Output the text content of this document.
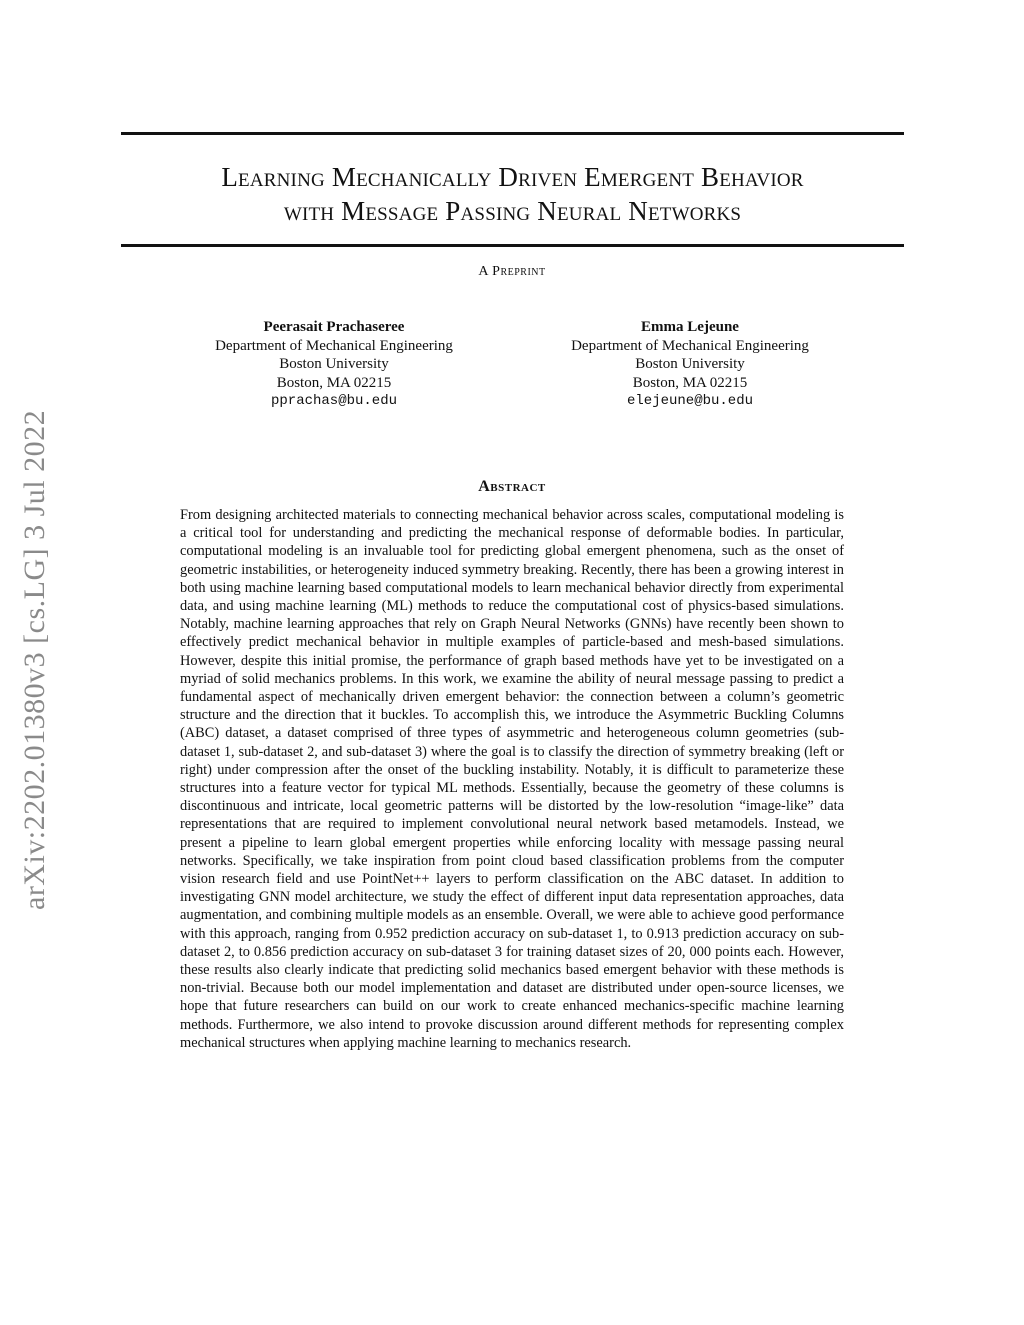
arXiv:2202.01380v3 [cs.LG] 3 Jul 2022
Learning Mechanically Driven Emergent Behavior
with Message Passing Neural Networks
A Preprint
Peerasait Prachaseree
Department of Mechanical Engineering
Boston University
Boston, MA 02215
pprachas@bu.edu
Emma Lejeune
Department of Mechanical Engineering
Boston University
Boston, MA 02215
elejeune@bu.edu
Abstract
From designing architected materials to connecting mechanical behavior across scales, computational modeling is a critical tool for understanding and predicting the mechanical response of deformable bodies. In particular, computational modeling is an invaluable tool for predicting global emergent phenomena, such as the onset of geometric instabilities, or heterogeneity induced symmetry breaking. Recently, there has been a growing interest in both using machine learning based computational models to learn mechanical behavior directly from experimental data, and using machine learning (ML) methods to reduce the computational cost of physics-based simulations. Notably, machine learning approaches that rely on Graph Neural Networks (GNNs) have recently been shown to effectively predict mechanical behavior in multiple examples of particle-based and mesh-based simulations. However, despite this initial promise, the performance of graph based methods have yet to be investigated on a myriad of solid mechanics problems. In this work, we examine the ability of neural message passing to predict a fundamental aspect of mechanically driven emergent behavior: the connection between a column’s geometric structure and the direction that it buckles. To accomplish this, we introduce the Asymmetric Buckling Columns (ABC) dataset, a dataset comprised of three types of asymmetric and heterogeneous column geometries (sub-dataset 1, sub-dataset 2, and sub-dataset 3) where the goal is to classify the direction of symmetry breaking (left or right) under compression after the onset of the buckling instability. Notably, it is difficult to parameterize these structures into a feature vector for typical ML methods. Essentially, because the geometry of these columns is discontinuous and intricate, local geometric patterns will be distorted by the low-resolution “image-like” data representations that are required to implement convolutional neural network based metamodels. Instead, we present a pipeline to learn global emergent properties while enforcing locality with message passing neural networks. Specifically, we take inspiration from point cloud based classification problems from the computer vision research field and use PointNet++ layers to perform classification on the ABC dataset. In addition to investigating GNN model architecture, we study the effect of different input data representation approaches, data augmentation, and combining multiple models as an ensemble. Overall, we were able to achieve good performance with this approach, ranging from 0.952 prediction accuracy on sub-dataset 1, to 0.913 prediction accuracy on sub-dataset 2, to 0.856 prediction accuracy on sub-dataset 3 for training dataset sizes of 20, 000 points each. However, these results also clearly indicate that predicting solid mechanics based emergent behavior with these methods is non-trivial. Because both our model implementation and dataset are distributed under open-source licenses, we hope that future researchers can build on our work to create enhanced mechanics-specific machine learning methods. Furthermore, we also intend to provoke discussion around different methods for representing complex mechanical structures when applying machine learning to mechanics research.
